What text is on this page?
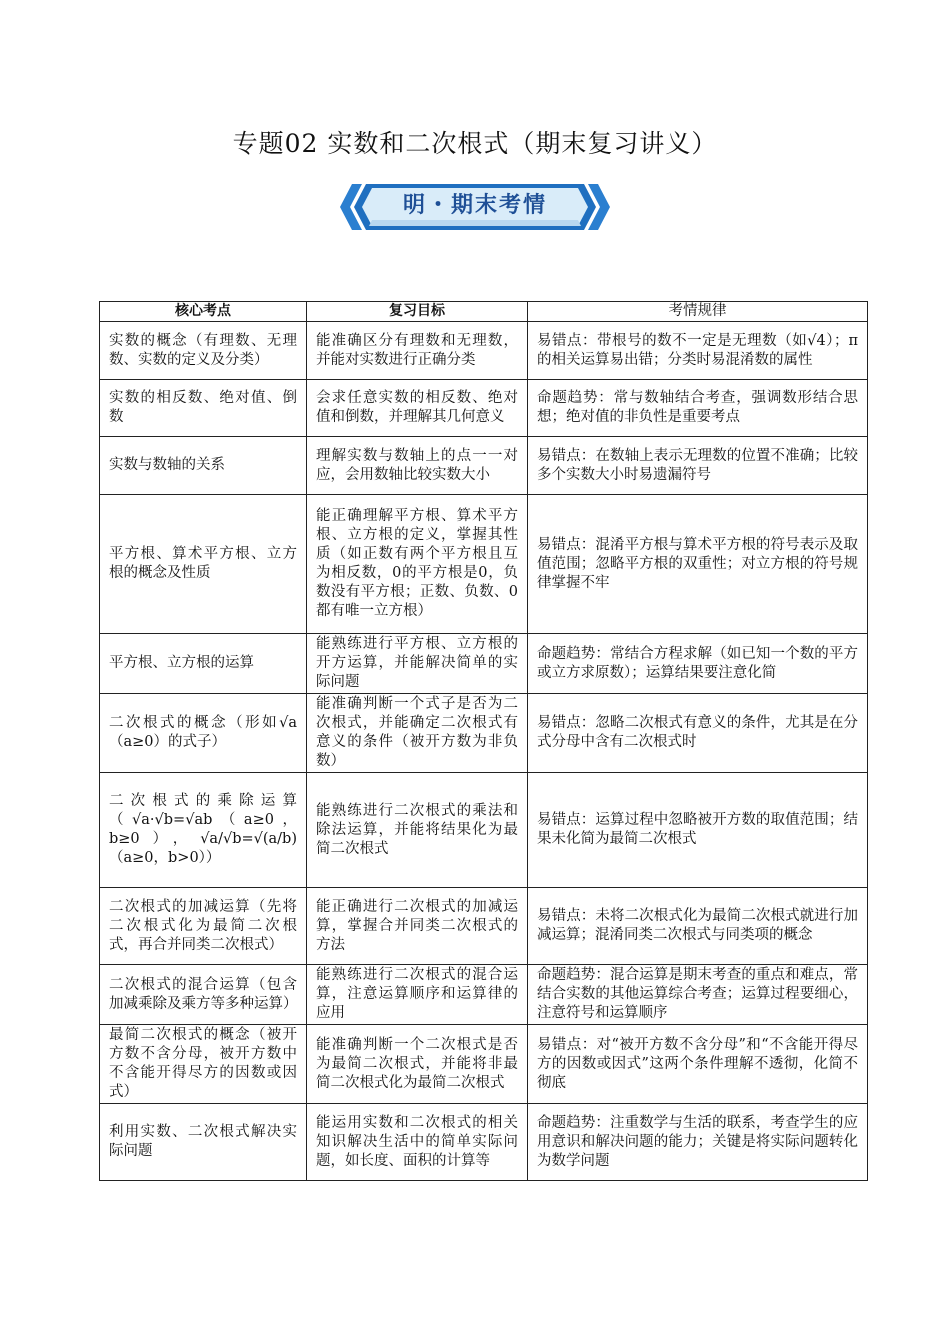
专题02 实数和二次根式（期末复习讲义）
明・期末考情
核心考点	复习目标	考情规律
实数的概念（有理数、无理数、实数的定义及分类）	能准确区分有理数和无理数，并能对实数进行正确分类	易错点：带根号的数不一定是无理数（如√4）；π的相关运算易出错；分类时易混淆数的属性
实数的相反数、绝对值、倒数	会求任意实数的相反数、绝对值和倒数，并理解其几何意义	命题趋势：常与数轴结合考查，强调数形结合思想；绝对值的非负性是重要考点
实数与数轴的关系	理解实数与数轴上的点一一对应，会用数轴比较实数大小	易错点：在数轴上表示无理数的位置不准确；比较多个实数大小时易遗漏符号
平方根、算术平方根、立方根的概念及性质	能正确理解平方根、算术平方根、立方根的定义，掌握其性质（如正数有两个平方根且互为相反数，0的平方根是0，负数没有平方根；正数、负数、0都有唯一立方根）	易错点：混淆平方根与算术平方根的符号表示及取值范围；忽略平方根的双重性；对立方根的符号规律掌握不牢
平方根、立方根的运算	能熟练进行平方根、立方根的开方运算，并能解决简单的实际问题	命题趋势：常结合方程求解（如已知一个数的平方或立方求原数）；运算结果要注意化简
二次根式的概念（形如√a（a≥0）的式子）	能准确判断一个式子是否为二次根式，并能确定二次根式有意义的条件（被开方数为非负数）	易错点：忽略二次根式有意义的条件，尤其是在分式分母中含有二次根式时
二次根式的乘除运算（√a·√b=√ab（a≥0，b≥0），√a/√b=√(a/b)（a≥0，b>0））	能熟练进行二次根式的乘法和除法运算，并能将结果化为最简二次根式	易错点：运算过程中忽略被开方数的取值范围；结果未化简为最简二次根式
二次根式的加减运算（先将二次根式化为最简二次根式，再合并同类二次根式）	能正确进行二次根式的加减运算，掌握合并同类二次根式的方法	易错点：未将二次根式化为最简二次根式就进行加减运算；混淆同类二次根式与同类项的概念
二次根式的混合运算（包含加减乘除及乘方等多种运算）	能熟练进行二次根式的混合运算，注意运算顺序和运算律的应用	命题趋势：混合运算是期末考查的重点和难点，常结合实数的其他运算综合考查；运算过程要细心，注意符号和运算顺序
最简二次根式的概念（被开方数不含分母，被开方数中不含能开得尽方的因数或因式）	能准确判断一个二次根式是否为最简二次根式，并能将非最简二次根式化为最简二次根式	易错点：对“被开方数不含分母”和“不含能开得尽方的因数或因式”这两个条件理解不透彻，化简不彻底
利用实数、二次根式解决实际问题	能运用实数和二次根式的相关知识解决生活中的简单实际问题，如长度、面积的计算等	命题趋势：注重数学与生活的联系，考查学生的应用意识和解决问题的能力；关键是将实际问题转化为数学问题
